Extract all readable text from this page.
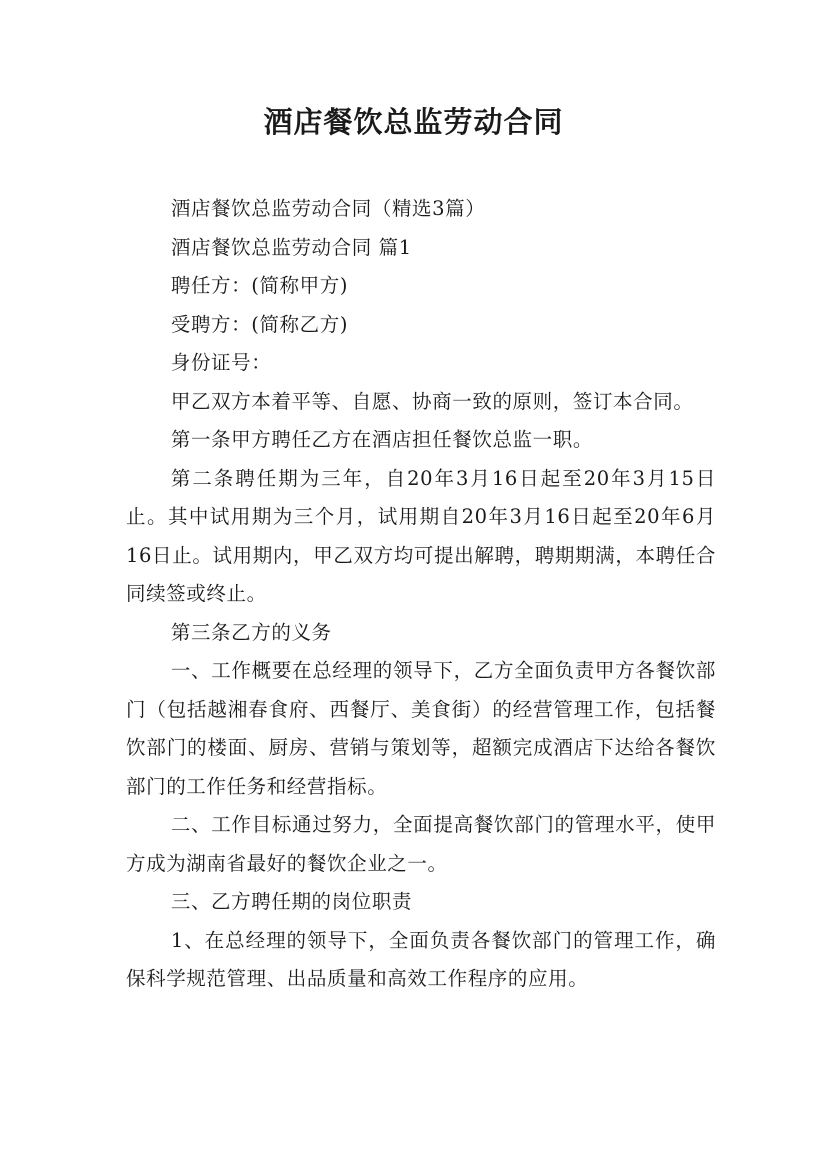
酒店餐饮总监劳动合同

酒店餐饮总监劳动合同（精选3篇）

酒店餐饮总监劳动合同 篇1

聘任方：(简称甲方)

受聘方：(简称乙方)

身份证号：

甲乙双方本着平等、自愿、协商一致的原则，签订本合同。

第一条甲方聘任乙方在酒店担任餐饮总监一职。

第二条聘任期为三年，自20年3月16日起至20年3月15日止。其中试用期为三个月，试用期自20年3月16日起至20年6月16日止。试用期内，甲乙双方均可提出解聘，聘期期满，本聘任合同续签或终止。

第三条乙方的义务

一、工作概要在总经理的领导下，乙方全面负责甲方各餐饮部门（包括越湘春食府、西餐厅、美食街）的经营管理工作，包括餐饮部门的楼面、厨房、营销与策划等，超额完成酒店下达给各餐饮部门的工作任务和经营指标。

二、工作目标通过努力，全面提高餐饮部门的管理水平，使甲方成为湖南省最好的餐饮企业之一。

三、乙方聘任期的岗位职责

1、在总经理的领导下，全面负责各餐饮部门的管理工作，确保科学规范管理、出品质量和高效工作程序的应用。
